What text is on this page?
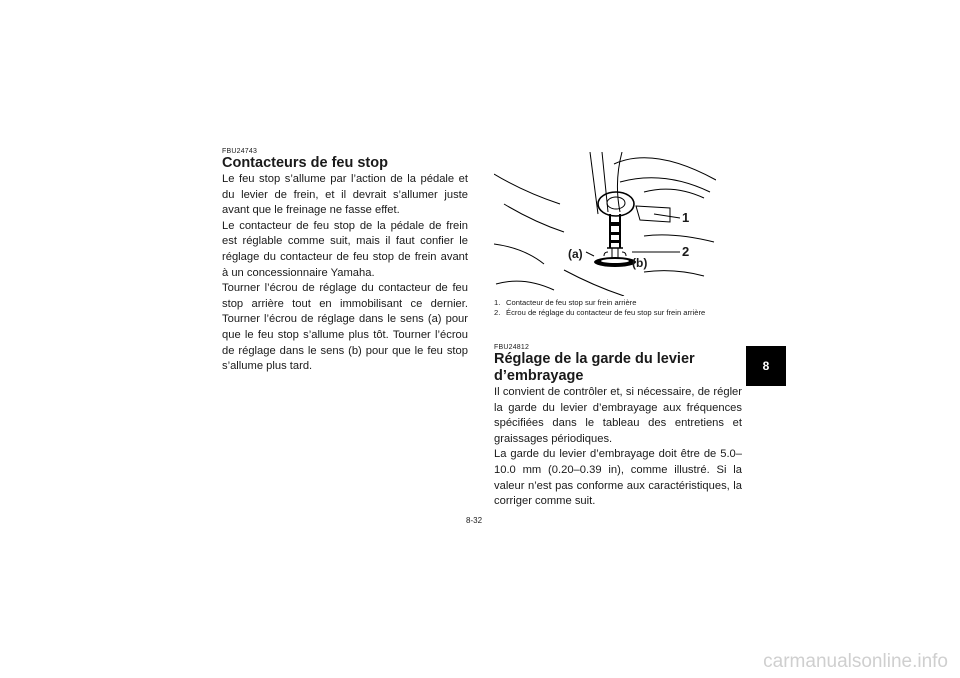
FBU24743
Contacteurs de feu stop

Le feu stop s’allume par l’action de la pédale et du levier de frein, et il devrait s’allumer juste avant que le freinage ne fasse effet.

Le contacteur de feu stop de la pédale de frein est réglable comme suit, mais il faut confier le réglage du contacteur de feu stop de frein avant à un concessionnaire Yamaha.

Tourner l’écrou de réglage du contacteur de feu stop arrière tout en immobilisant ce dernier. Tourner l’écrou de réglage dans le sens (a) pour que le feu stop s’allume plus tôt. Tourner l’écrou de réglage dans le sens (b) pour que le feu stop s’allume plus tard.

1
2
(a)
(b)
1. Contacteur de feu stop sur frein arrière
2. Écrou de réglage du contacteur de feu stop sur frein arrière
FBU24812
Réglage de la garde du levier d’embrayage

Il convient de contrôler et, si nécessaire, de régler la garde du levier d’embrayage aux fréquences spécifiées dans le tableau des entretiens et graissages périodiques.

La garde du levier d’embrayage doit être de 5.0–10.0 mm (0.20–0.39 in), comme illustré. Si la valeur n’est pas conforme aux caractéristiques, la corriger comme suit.

8
8-32
carmanualsonline.info
